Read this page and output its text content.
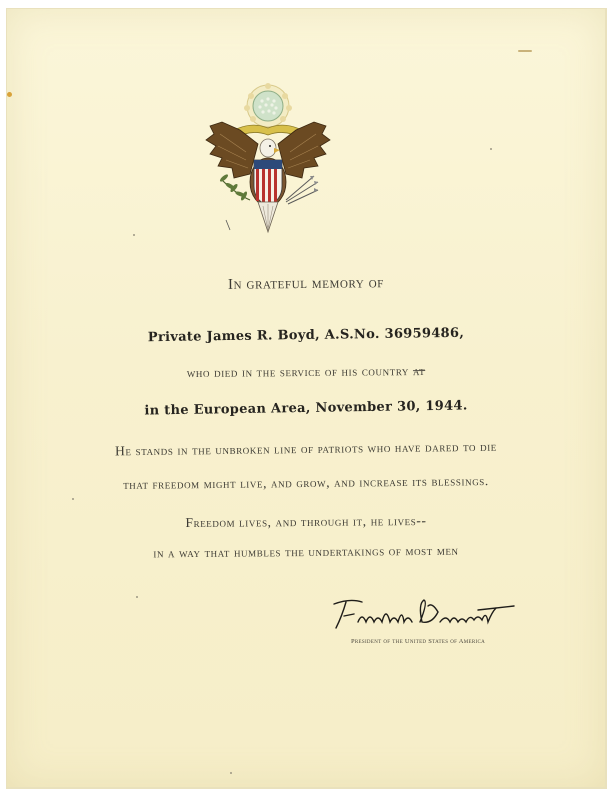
In grateful memory of
Private James R. Boyd, A.S.No. 36959486,
who died in the service of his country at
in the European Area, November 30, 1944.
He stands in the unbroken line of patriots who have dared to die
that freedom might live, and grow, and increase its blessings.
Freedom lives, and through it, he lives--
in a way that humbles the undertakings of most men
President of the United States of America
